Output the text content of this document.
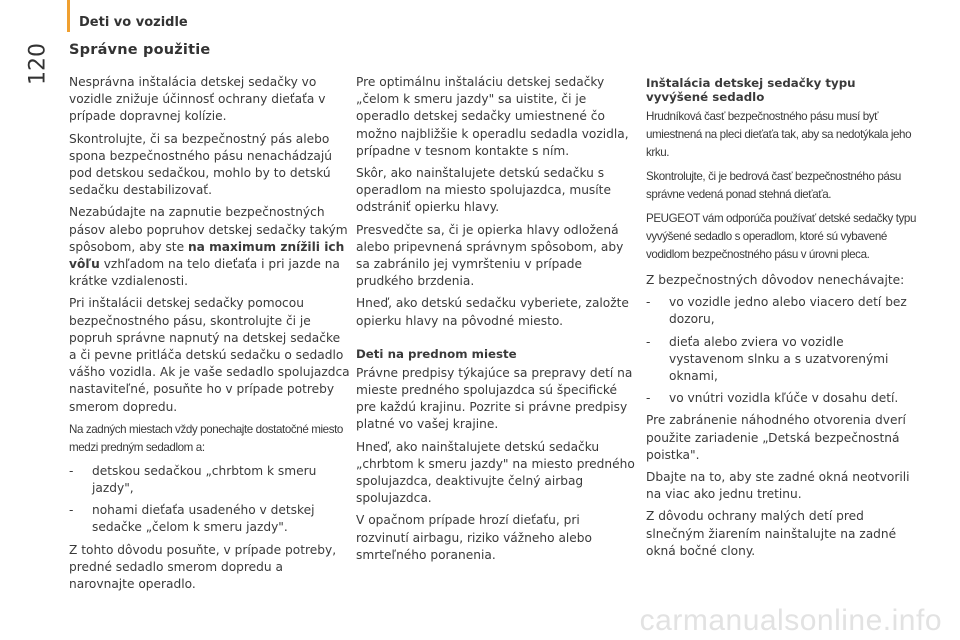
Deti vo vozidle
120 Správne použitie

Nesprávna inštalácia detskej sedačky vo vozidle znižuje účinnosť ochrany dieťaťa v prípade dopravnej kolízie.

Skontrolujte, či sa bezpečnostný pás alebo spona bezpečnostného pásu nenachádzajú pod detskou sedačkou, mohlo by to detskú sedačku destabilizovať.

Nezabúdajte na zapnutie bezpečnostných pásov alebo popruhov detskej sedačky takým spôsobom, aby ste na maximum znížili ich vôľu vzhľadom na telo dieťaťa i pri jazde na krátke vzdialenosti.

Pri inštalácii detskej sedačky pomocou bezpečnostného pásu, skontrolujte či je popruh správne napnutý na detskej sedačke a či pevne pritláča detskú sedačku o sedadlo vášho vozidla. Ak je vaše sedadlo spolujazdca nastaviteľné, posuňte ho v prípade potreby smerom dopredu.

Na zadných miestach vždy ponechajte dostatočné miesto medzi predným sedadlom a:

-	detskou sedačkou „chrbtom k smeru jazdy",
-	nohami dieťaťa usadeného v detskej sedačke „čelom k smeru jazdy".

Z tohto dôvodu posuňte, v prípade potreby, predné sedadlo smerom dopredu a narovnajte operadlo.

Pre optimálnu inštaláciu detskej sedačky „čelom k smeru jazdy" sa uistite, či je operadlo detskej sedačky umiestnené čo možno najbližšie k operadlu sedadla vozidla, prípadne v tesnom kontakte s ním.

Skôr, ako nainštalujete detskú sedačku s operadlom na miesto spolujazdca, musíte odstrániť opierku hlavy.

Presvedčte sa, či je opierka hlavy odložená alebo pripevnená správnym spôsobom, aby sa zabránilo jej vymršteniu v prípade prudkého brzdenia.

Hneď, ako detskú sedačku vyberiete, založte opierku hlavy na pôvodné miesto.

Deti na prednom mieste

Právne predpisy týkajúce sa prepravy detí na mieste predného spolujazdca sú špecifické pre každú krajinu. Pozrite si právne predpisy platné vo vašej krajine.

Hneď, ako nainštalujete detskú sedačku „chrbtom k smeru jazdy" na miesto predného spolujazdca, deaktivujte čelný airbag spolujazdca.

V opačnom prípade hrozí dieťaťu, pri rozvinutí airbagu, riziko vážneho alebo smrteľného poranenia.

Inštalácia detskej sedačky typu vyvýšené sedadlo

Hrudníková časť bezpečnostného pásu musí byť umiestnená na pleci dieťaťa tak, aby sa nedotýkala jeho krku.

Skontrolujte, či je bedrová časť bezpečnostného pásu správne vedená ponad stehná dieťaťa.

PEUGEOT vám odporúča používať detské sedačky typu vyvýšené sedadlo s operadlom, ktoré sú vybavené vodidlom bezpečnostného pásu v úrovni pleca.

Z bezpečnostných dôvodov nenechávajte:

-	vo vozidle jedno alebo viacero detí bez dozoru,
-	dieťa alebo zviera vo vozidle vystavenom slnku a s uzatvorenými oknami,
-	vo vnútri vozidla kľúče v dosahu detí.

Pre zabránenie náhodného otvorenia dverí použite zariadenie „Detská bezpečnostná poistka".

Dbajte na to, aby ste zadné okná neotvorili na viac ako jednu tretinu.

Z dôvodu ochrany malých detí pred slnečným žiarením nainštalujte na zadné okná bočné clony.

carmanualsonline.info
